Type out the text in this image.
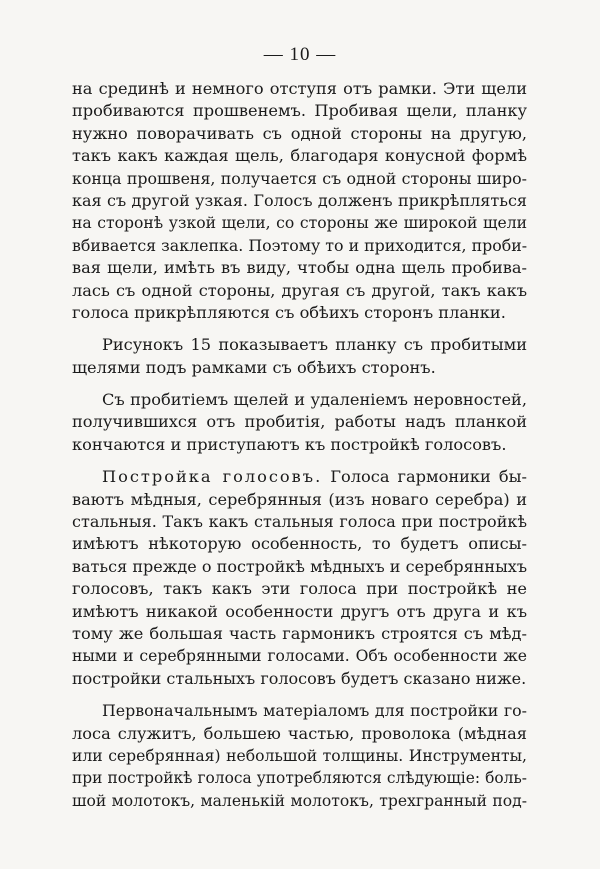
— 10 —
на срединѣ и немного отступя отъ рамки. Эти щели
пробиваются прошвенемъ. Пробивая щели, планку
нужно поворачивать съ одной стороны на другую,
такъ какъ каждая щель, благодаря конусной формѣ
конца прошвеня, получается съ одной стороны широ-
кая съ другой узкая. Голосъ долженъ прикрѣпляться
на сторонѣ узкой щели, со стороны же широкой щели
вбивается заклепка. Поэтому то и приходится, проби-
вая щели, имѣть въ виду, чтобы одна щель пробива-
лась съ одной стороны, другая съ другой, такъ какъ
голоса прикрѣпляются съ обѣихъ сторонъ планки.
Рисунокъ 15 показываетъ планку съ пробитыми
щелями подъ рамками съ обѣихъ сторонъ.
Съ пробитіемъ щелей и удаленіемъ неровностей,
получившихся отъ пробитія, работы надъ планкой
кончаются и приступаютъ къ постройкѣ голосовъ.
Постройка голосовъ. Голоса гармоники бы-
ваютъ мѣдныя, серебрянныя (изъ новаго серебра) и
стальныя. Такъ какъ стальныя голоса при постройкѣ
имѣютъ нѣкоторую особенность, то будетъ описы-
ваться прежде о постройкѣ мѣдныхъ и серебрянныхъ
голосовъ, такъ какъ эти голоса при постройкѣ не
имѣютъ никакой особенности другъ отъ друга и къ
тому же большая часть гармоникъ строятся съ мѣд-
ными и серебрянными голосами. Объ особенности же
постройки стальныхъ голосовъ будетъ сказано ниже.
Первоначальнымъ матеріаломъ для постройки го-
лоса служитъ, большею частью, проволока (мѣдная
или серебрянная) небольшой толщины. Инструменты,
при постройкѣ голоса употребляются слѣдующіе: боль-
шой молотокъ, маленькій молотокъ, трехгранный под-
